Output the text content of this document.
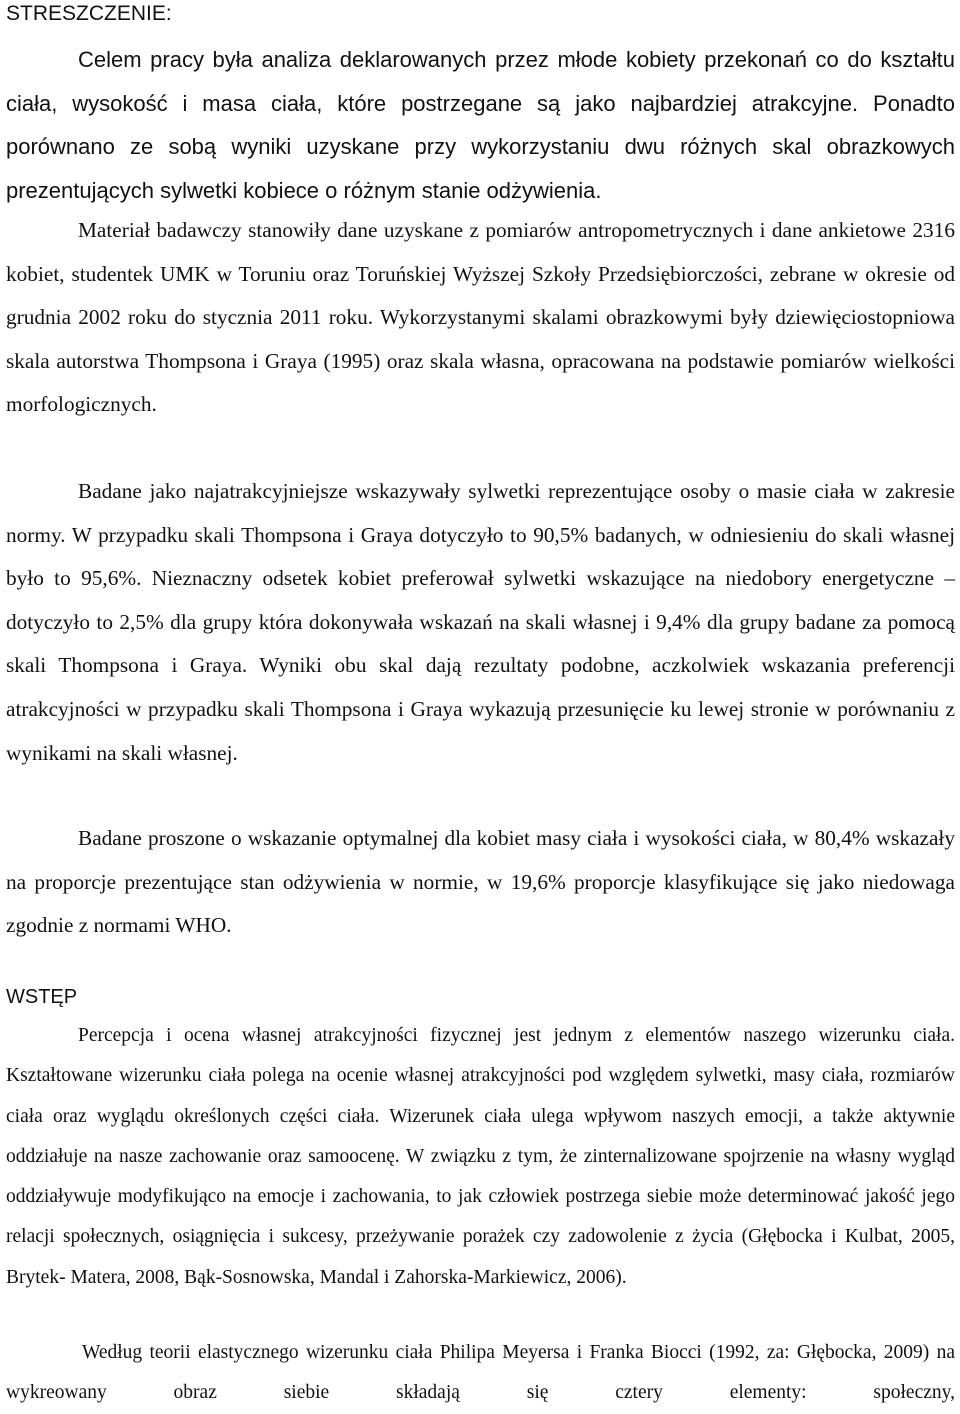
STRESZCZENIE:

Celem pracy była analiza deklarowanych przez młode kobiety przekonań co do kształtu ciała, wysokość i masa ciała, które postrzegane są jako najbardziej atrakcyjne. Ponadto porównano ze sobą wyniki uzyskane przy wykorzystaniu dwu różnych skal obrazkowych prezentujących sylwetki kobiece o różnym stanie odżywienia.

Materiał badawczy stanowiły dane uzyskane z pomiarów antropometrycznych i dane ankietowe 2316 kobiet, studentek UMK w Toruniu oraz Toruńskiej Wyższej Szkoły Przedsiębiorczości, zebrane w okresie od grudnia 2002 roku do stycznia 2011 roku. Wykorzystanymi skalami obrazkowymi były dziewięciostopniowa skala autorstwa Thompsona i Graya (1995) oraz skala własna, opracowana na podstawie pomiarów wielkości morfologicznych.

Badane jako najatrakcyjniejsze wskazywały sylwetki reprezentujące osoby o masie ciała w zakresie normy. W przypadku skali Thompsona i Graya dotyczyło to 90,5% badanych, w odniesieniu do skali własnej było to 95,6%. Nieznaczny odsetek kobiet preferował sylwetki wskazujące na niedobory energetyczne – dotyczyło to 2,5% dla grupy która dokonywała wskazań na skali własnej i 9,4% dla grupy badane za pomocą skali Thompsona i Graya. Wyniki obu skal dają rezultaty podobne, aczkolwiek wskazania preferencji atrakcyjności w przypadku skali Thompsona i Graya wykazują przesunięcie ku lewej stronie w porównaniu z wynikami na skali własnej.

Badane proszone o wskazanie optymalnej dla kobiet masy ciała i wysokości ciała, w 80,4% wskazały na proporcje prezentujące stan odżywienia w normie, w 19,6% proporcje klasyfikujące się jako niedowaga zgodnie z normami WHO.

WSTĘP

Percepcja i ocena własnej atrakcyjności fizycznej jest jednym z elementów naszego wizerunku ciała. Kształtowane wizerunku ciała polega na ocenie własnej atrakcyjności pod względem sylwetki, masy ciała, rozmiarów ciała oraz wyglądu określonych części ciała. Wizerunek ciała ulega wpływom naszych emocji, a także aktywnie oddziałuje na nasze zachowanie oraz samoocenę. W związku z tym, że zinternalizowane spojrzenie na własny wygląd oddziaływuje modyfikująco na emocje i zachowania, to jak człowiek postrzega siebie może determinować jakość jego relacji społecznych, osiągnięcia i sukcesy, przeżywanie porażek czy zadowolenie z życia (Głębocka i Kulbat, 2005, Brytek- Matera, 2008, Bąk-Sosnowska, Mandal i Zahorska-Markiewicz, 2006).

Według teorii elastycznego wizerunku ciała Philipa Meyersa i Franka Biocci (1992, za: Głębocka, 2009) na wykreowany obraz siebie składają się cztery elementy: społeczny,
